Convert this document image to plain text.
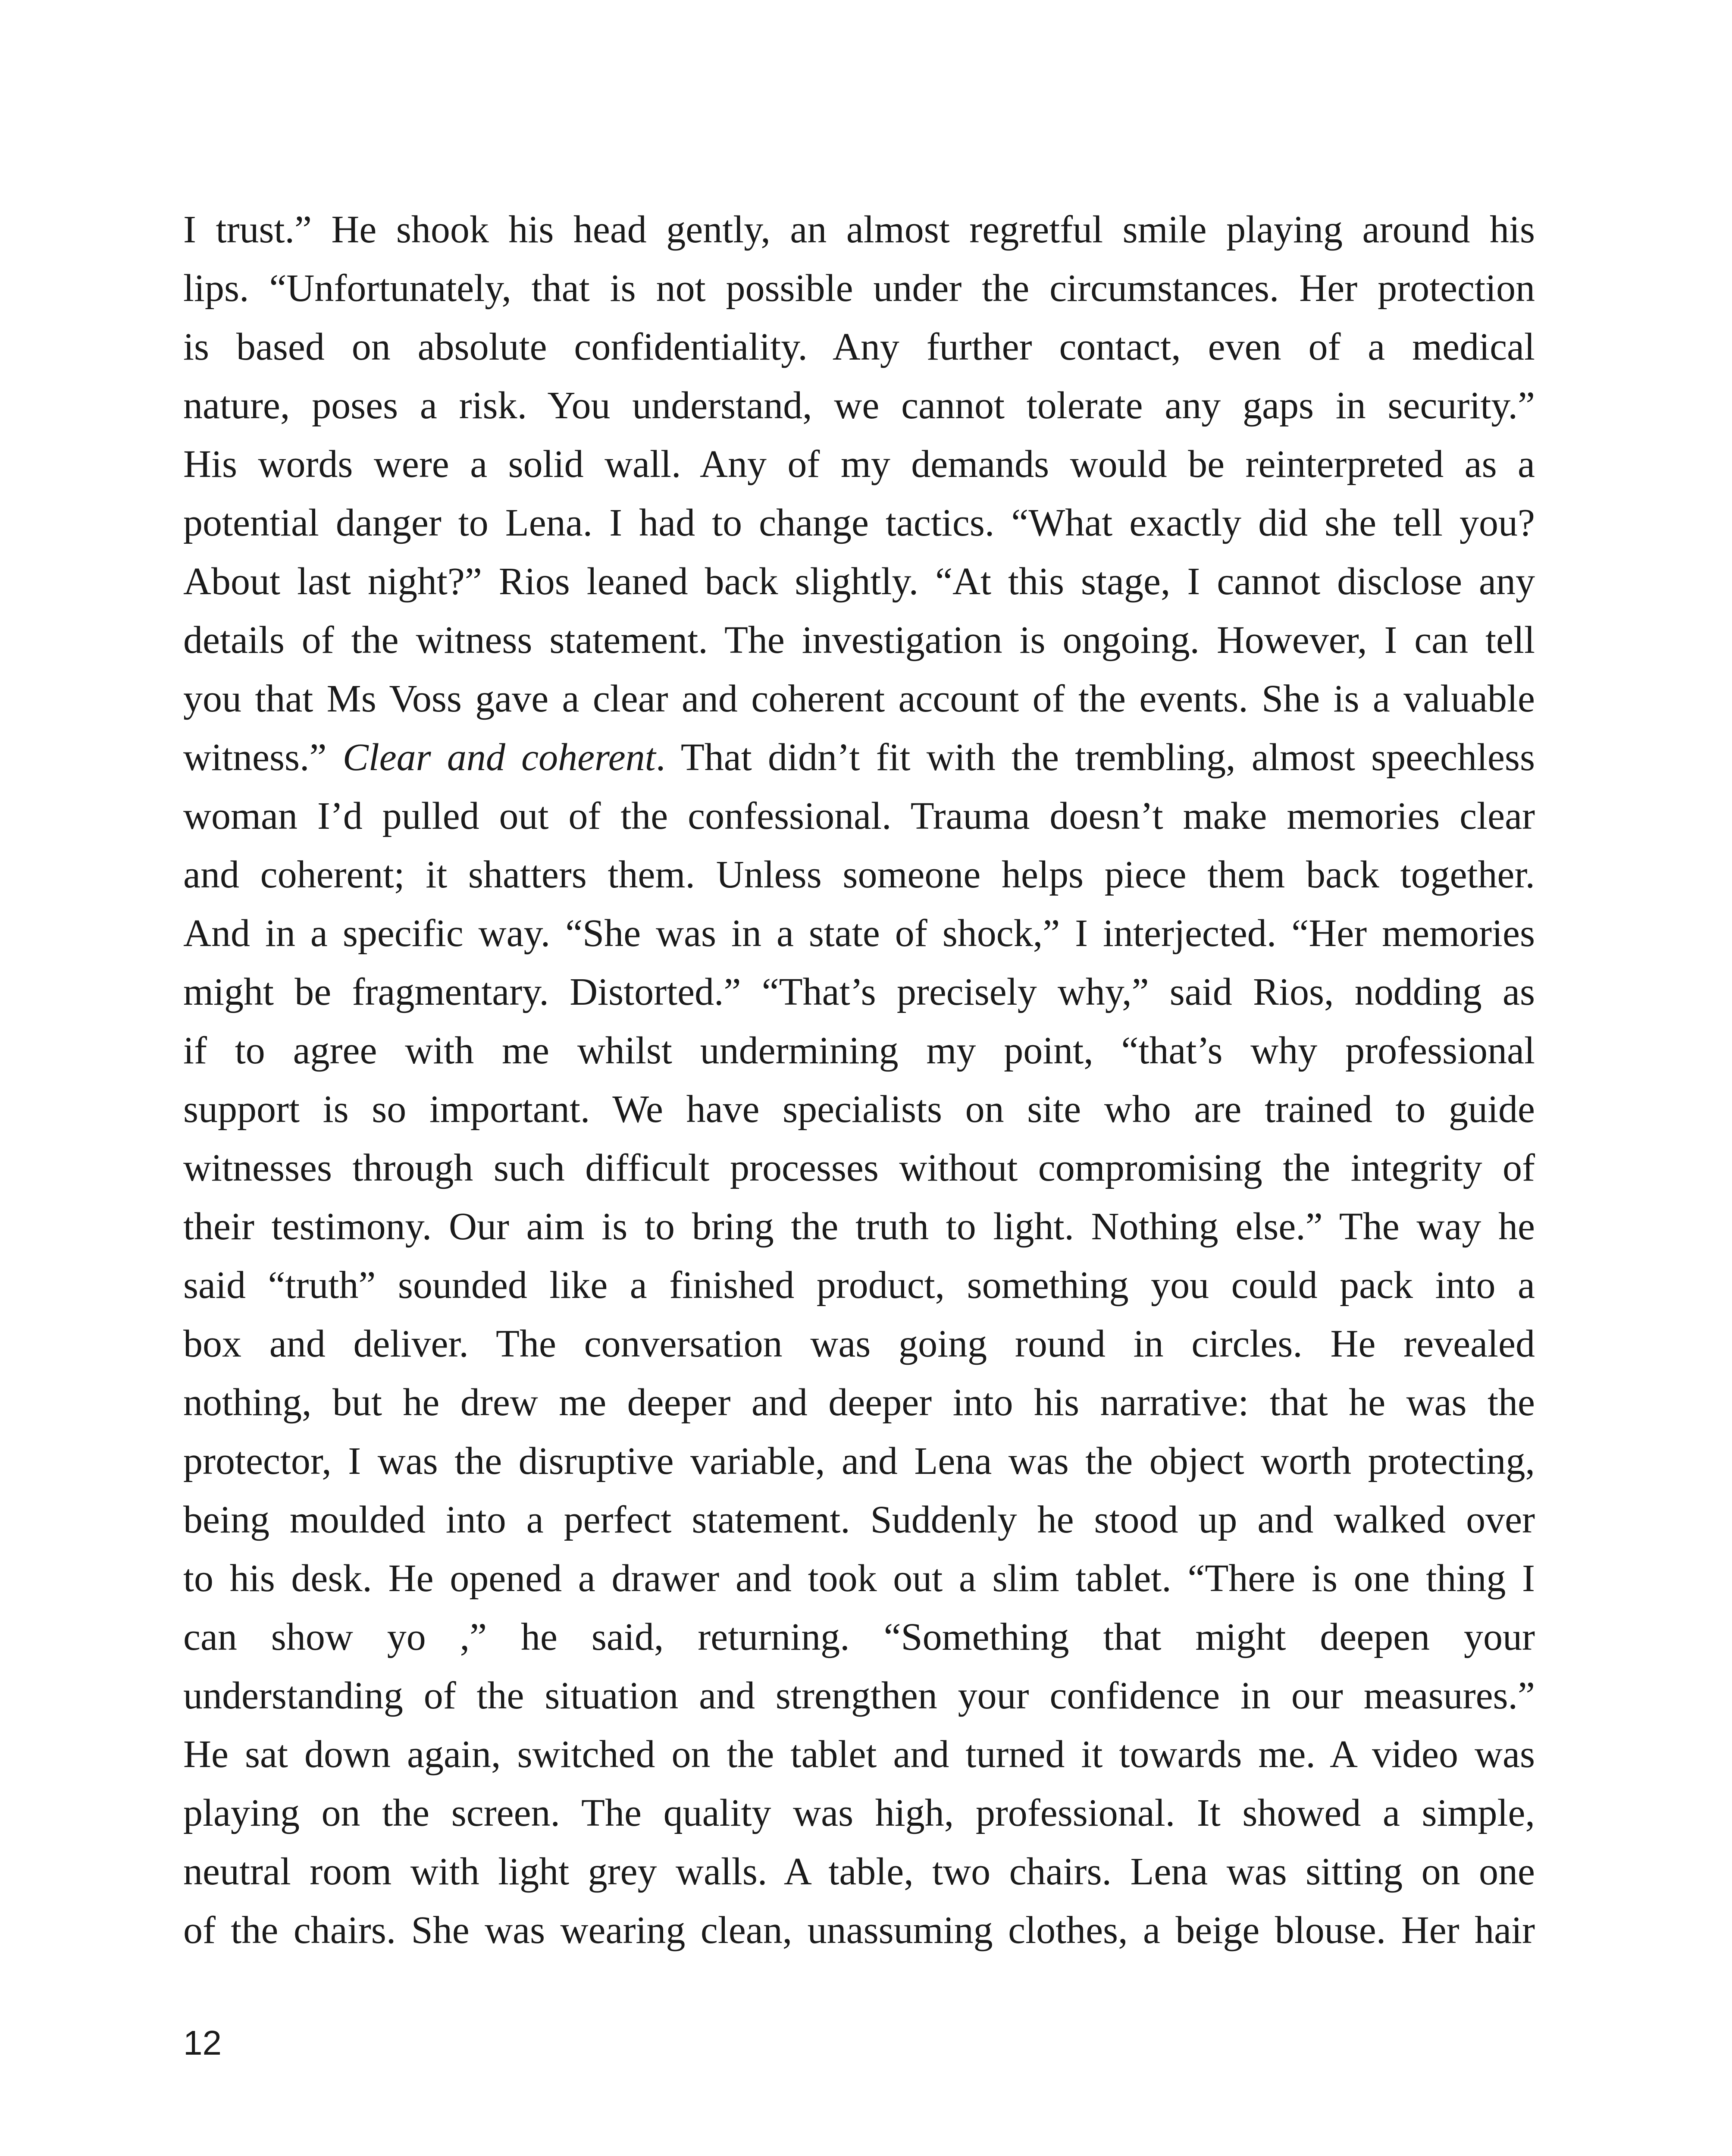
I trust.” He shook his head gently, an almost regretful smile playing around his
lips. “Unfortunately, that is not possible under the circumstances. Her protection
is based on absolute confidentiality. Any further contact, even of a medical
nature, poses a risk. You understand, we cannot tolerate any gaps in security.”
His words were a solid wall. Any of my demands would be reinterpreted as a
potential danger to Lena. I had to change tactics. “What exactly did she tell you?
About last night?” Rios leaned back slightly. “At this stage, I cannot disclose any
details of the witness statement. The investigation is ongoing. However, I can tell
you that Ms Voss gave a clear and coherent account of the events. She is a valuable
witness.” Clear and coherent. That didn’t fit with the trembling, almost speechless
woman I’d pulled out of the confessional. Trauma doesn’t make memories clear
and coherent; it shatters them. Unless someone helps piece them back together.
And in a specific way. “She was in a state of shock,” I interjected. “Her memories
might be fragmentary. Distorted.” “That’s precisely why,” said Rios, nodding as
if to agree with me whilst undermining my point, “that’s why professional
support is so important. We have specialists on site who are trained to guide
witnesses through such difficult processes without compromising the integrity of
their testimony. Our aim is to bring the truth to light. Nothing else.” The way he
said “truth” sounded like a finished product, something you could pack into a
box and deliver. The conversation was going round in circles. He revealed
nothing, but he drew me deeper and deeper into his narrative: that he was the
protector, I was the disruptive variable, and Lena was the object worth protecting,
being moulded into a perfect statement. Suddenly he stood up and walked over
to his desk. He opened a drawer and took out a slim tablet. “There is one thing I
can show yo ,” he said, returning. “Something that might deepen your
understanding of the situation and strengthen your confidence in our measures.”
He sat down again, switched on the tablet and turned it towards me. A video was
playing on the screen. The quality was high, professional. It showed a simple,
neutral room with light grey walls. A table, two chairs. Lena was sitting on one
of the chairs. She was wearing clean, unassuming clothes, a beige blouse. Her hair
12
